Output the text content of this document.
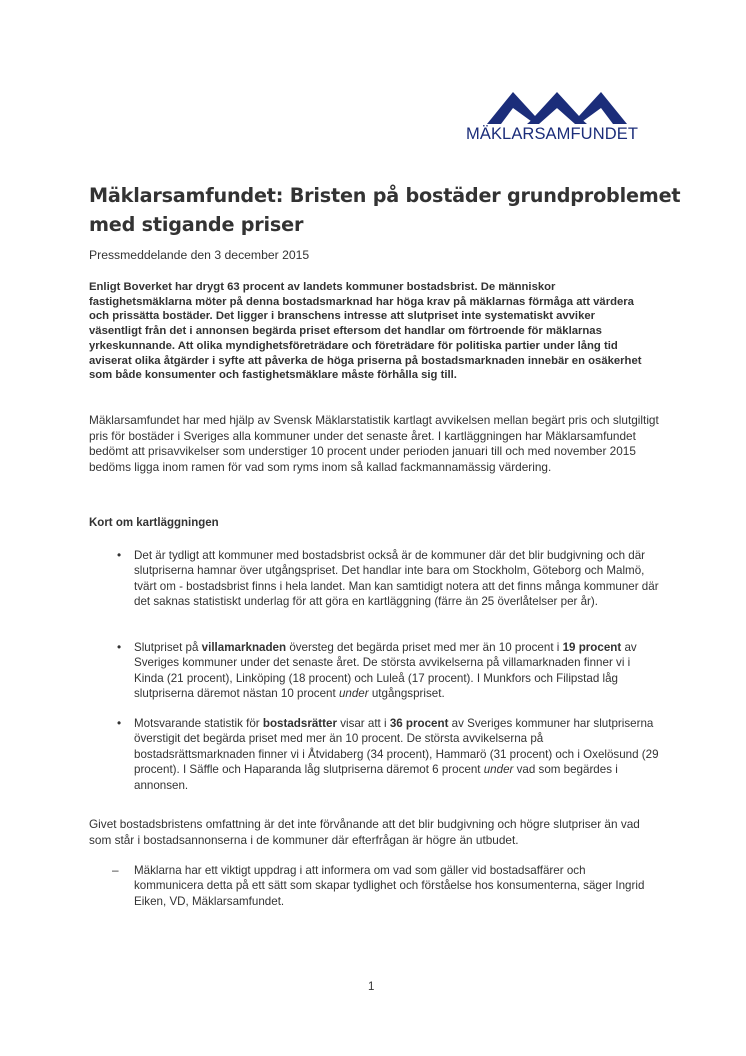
MÄKLARSAMFUNDET
Mäklarsamfundet: Bristen på bostäder grundproblemet med stigande priser
Pressmeddelande den 3 december 2015

Enligt Boverket har drygt 63 procent av landets kommuner bostadsbrist. De människor fastighetsmäklarna möter på denna bostadsmarknad har höga krav på mäklarnas förmåga att värdera och prissätta bostäder. Det ligger i branschens intresse att slutpriset inte systematiskt avviker väsentligt från det i annonsen begärda priset eftersom det handlar om förtroende för mäklarnas yrkeskunnande. Att olika myndighetsföreträdare och företrädare för politiska partier under lång tid aviserat olika åtgärder i syfte att påverka de höga priserna på bostadsmarknaden innebär en osäkerhet som både konsumenter och fastighetsmäklare måste förhålla sig till.

Mäklarsamfundet har med hjälp av Svensk Mäklarstatistik kartlagt avvikelsen mellan begärt pris och slutgiltigt pris för bostäder i Sveriges alla kommuner under det senaste året. I kartläggningen har Mäklarsamfundet bedömt att prisavvikelser som understiger 10 procent under perioden januari till och med november 2015 bedöms ligga inom ramen för vad som ryms inom så kallad fackmannamässig värdering.

Kort om kartläggningen
• Det är tydligt att kommuner med bostadsbrist också är de kommuner där det blir budgivning och där slutpriserna hamnar över utgångspriset. Det handlar inte bara om Stockholm, Göteborg och Malmö, tvärt om - bostadsbrist finns i hela landet. Man kan samtidigt notera att det finns många kommuner där det saknas statistiskt underlag för att göra en kartläggning (färre än 25 överlåtelser per år).

• Slutpriset på villamarknaden översteg det begärda priset med mer än 10 procent i 19 procent av Sveriges kommuner under det senaste året. De största avvikelserna på villamarknaden finner vi i Kinda (21 procent), Linköping (18 procent) och Luleå (17 procent). I Munkfors och Filipstad låg slutpriserna däremot nästan 10 procent under utgångspriset.

• Motsvarande statistik för bostadsrätter visar att i 36 procent av Sveriges kommuner har slutpriserna överstigit det begärda priset med mer än 10 procent. De största avvikelserna på bostadsrättsmarknaden finner vi i Åtvidaberg (34 procent), Hammarö (31 procent) och i Oxelösund (29 procent). I Säffle och Haparanda låg slutpriserna däremot 6 procent under vad som begärdes i annonsen.

Givet bostadsbristens omfattning är det inte förvånande att det blir budgivning och högre slutpriser än vad som står i bostadsannonserna i de kommuner där efterfrågan är högre än utbudet.

– Mäklarna har ett viktigt uppdrag i att informera om vad som gäller vid bostadsaffärer och kommunicera detta på ett sätt som skapar tydlighet och förståelse hos konsumenterna, säger Ingrid Eiken, VD, Mäklarsamfundet.

1
